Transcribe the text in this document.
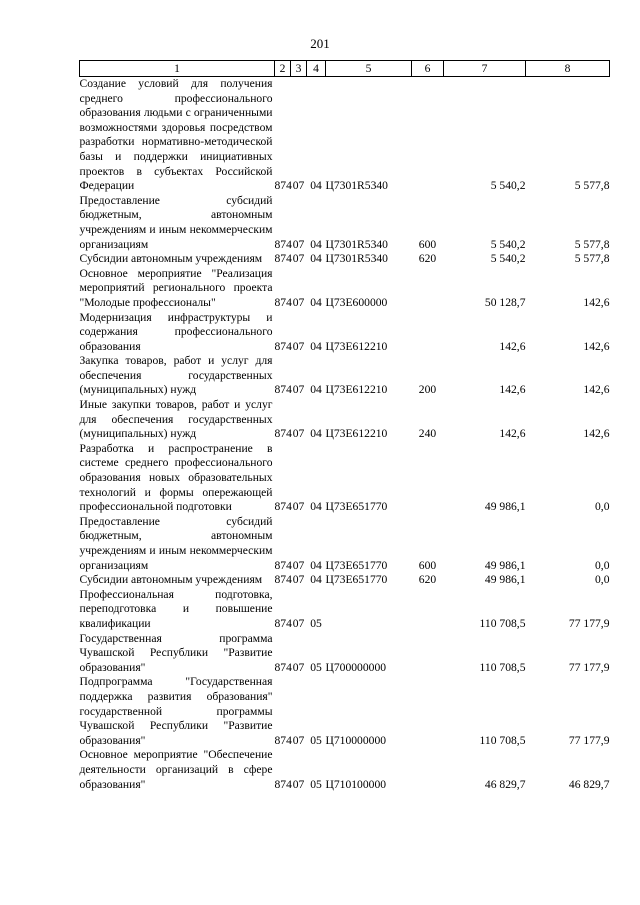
201
1	2	3	4	5	6	7	8
Создание условий для получения среднего профессионального образования людьми с ограниченными возможностями здоровья посредством разработки нормативно-методической базы и поддержки инициативных проектов в субъектах Российской Федерации	874	07	04	Ц7301R5340		5 540,2	5 577,8
Предоставление субсидий бюджетным, автономным учреждениям и иным некоммерческим организациям	874	07	04	Ц7301R5340	600	5 540,2	5 577,8
Субсидии автономным учреждениям	874	07	04	Ц7301R5340	620	5 540,2	5 577,8
Основное мероприятие "Реализация мероприятий регионального проекта "Молодые профессионалы"	874	07	04	Ц73E600000		50 128,7	142,6
Модернизация инфраструктуры и содержания профессионального образования	874	07	04	Ц73E612210		142,6	142,6
Закупка товаров, работ и услуг для обеспечения государственных (муниципальных) нужд	874	07	04	Ц73E612210	200	142,6	142,6
Иные закупки товаров, работ и услуг для обеспечения государственных (муниципальных) нужд	874	07	04	Ц73E612210	240	142,6	142,6
Разработка и распространение в системе среднего профессионального образования новых образовательных технологий и формы опережающей профессиональной подготовки	874	07	04	Ц73E651770		49 986,1	0,0
Предоставление субсидий бюджетным, автономным учреждениям и иным некоммерческим организациям	874	07	04	Ц73E651770	600	49 986,1	0,0
Субсидии автономным учреждениям	874	07	04	Ц73E651770	620	49 986,1	0,0
Профессиональная подготовка, переподготовка и повышение квалификации	874	07	05			110 708,5	77 177,9
Государственная программа Чувашской Республики "Развитие образования"	874	07	05	Ц700000000		110 708,5	77 177,9
Подпрограмма "Государственная поддержка развития образования" государственной программы Чувашской Республики "Развитие образования"	874	07	05	Ц710000000		110 708,5	77 177,9
Основное мероприятие "Обеспечение деятельности организаций в сфере образования"	874	07	05	Ц710100000		46 829,7	46 829,7
